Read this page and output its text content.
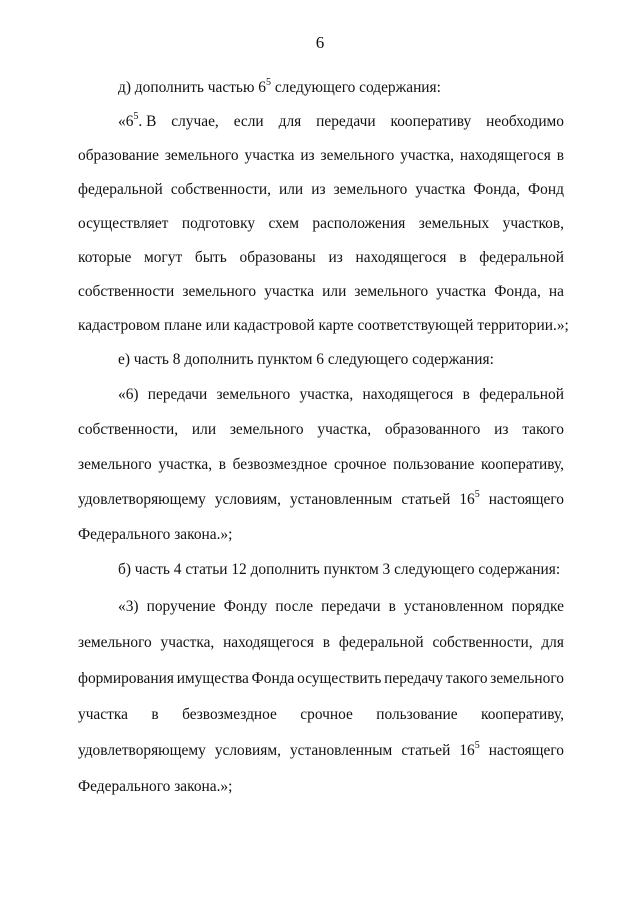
6
д) дополнить частью $6^5$ следующего содержания:
«$6^5$. В случае, если для передачи кооперативу необходимо
образование земельного участка из земельного участка, находящегося в
федеральной собственности, или из земельного участка Фонда, Фонд
осуществляет подготовку схем расположения земельных участков,
которые могут быть образованы из находящегося в федеральной
собственности земельного участка или земельного участка Фонда, на
кадастровом плане или кадастровой карте соответствующей территории.»;
е) часть 8 дополнить пунктом 6 следующего содержания:
«6) передачи земельного участка, находящегося в федеральной
собственности, или земельного участка, образованного из такого
земельного участка, в безвозмездное срочное пользование кооперативу,
удовлетворяющему условиям, установленным статьей $16^5$ настоящего
Федерального закона.»;
б) часть 4 статьи 12 дополнить пунктом 3 следующего содержания:
«3) поручение Фонду после передачи в установленном порядке
земельного участка, находящегося в федеральной собственности, для
формирования имущества Фонда осуществить передачу такого земельного
участка в безвозмездное срочное пользование кооперативу,
удовлетворяющему условиям, установленным статьей $16^5$ настоящего
Федерального закона.»;
